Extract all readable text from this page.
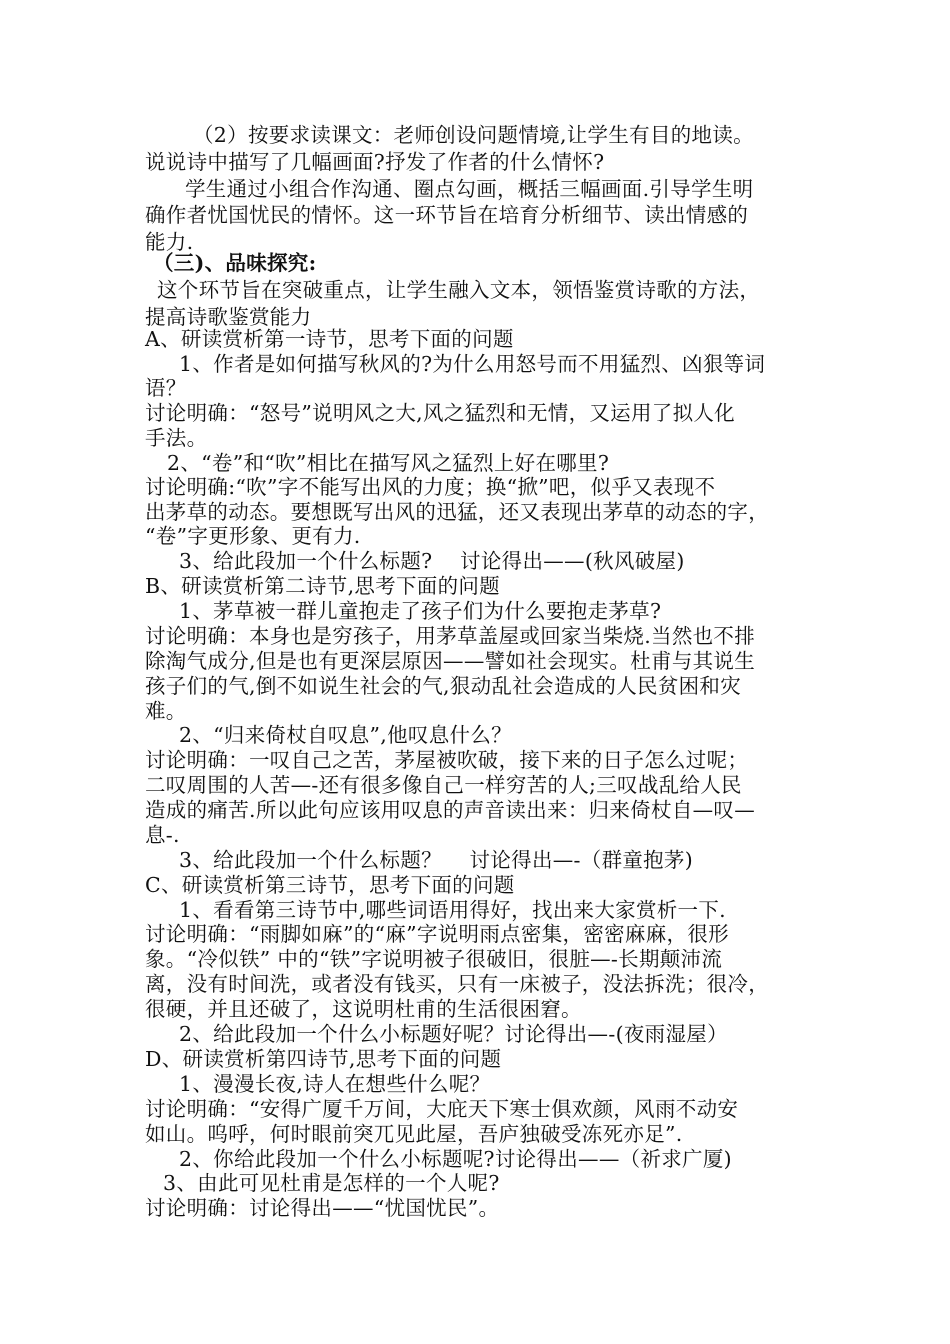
（2）按要求读课文：老师创设问题情境,让学生有目的地读。
说说诗中描写了几幅画面?抒发了作者的什么情怀?
学生通过小组合作沟通、圈点勾画，概括三幅画面.引导学生明
确作者忧国忧民的情怀。这一环节旨在培育分析细节、读出情感的
能力.
（三)、品味探究:
这个环节旨在突破重点，让学生融入文本，领悟鉴赏诗歌的方法，
提高诗歌鉴赏能力
A、研读赏析第一诗节，思考下面的问题
1、作者是如何描写秋风的?为什么用怒号而不用猛烈、凶狠等词
语？
讨论明确：“怒号”说明风之大,风之猛烈和无情，又运用了拟人化
手法。
2、“卷”和“吹”相比在描写风之猛烈上好在哪里?
讨论明确:“吹”字不能写出风的力度；换“掀”吧，似乎又表现不
出茅草的动态。要想既写出风的迅猛，还又表现出茅草的动态的字，
“卷”字更形象、更有力.
3、给此段加一个什么标题?　 讨论得出——(秋风破屋)
B、研读赏析第二诗节,思考下面的问题
1、茅草被一群儿童抱走了孩子们为什么要抱走茅草?
讨论明确：本身也是穷孩子，用茅草盖屋或回家当柴烧.当然也不排
除淘气成分,但是也有更深层原因——譬如社会现实。杜甫与其说生
孩子们的气,倒不如说生社会的气,狠动乱社会造成的人民贫困和灾
难。
2、“归来倚杖自叹息”,他叹息什么？
讨论明确：一叹自己之苦，茅屋被吹破，接下来的日子怎么过呢；
二叹周围的人苦—-还有很多像自己一样穷苦的人;三叹战乱给人民
造成的痛苦.所以此句应该用叹息的声音读出来：归来倚杖自—叹—
息-.
3、给此段加一个什么标题？　 讨论得出—-（群童抱茅)
C、研读赏析第三诗节，思考下面的问题
1、看看第三诗节中,哪些词语用得好，找出来大家赏析一下.
讨论明确：“雨脚如麻”的“麻”字说明雨点密集，密密麻麻，很形
象。“冷似铁” 中的“铁”字说明被子很破旧，很脏—-长期颠沛流
离，没有时间洗，或者没有钱买，只有一床被子，没法拆洗；很冷，
很硬，并且还破了，这说明杜甫的生活很困窘。
2、给此段加一个什么小标题好呢？讨论得出—-(夜雨湿屋）
D、研读赏析第四诗节,思考下面的问题
1、漫漫长夜,诗人在想些什么呢？
讨论明确：“安得广厦千万间，大庇天下寒士俱欢颜，风雨不动安
如山。呜呼，何时眼前突兀见此屋，吾庐独破受冻死亦足”.
2、你给此段加一个什么小标题呢?讨论得出——（祈求广厦)
3、由此可见杜甫是怎样的一个人呢?
讨论明确：讨论得出——“忧国忧民”。
